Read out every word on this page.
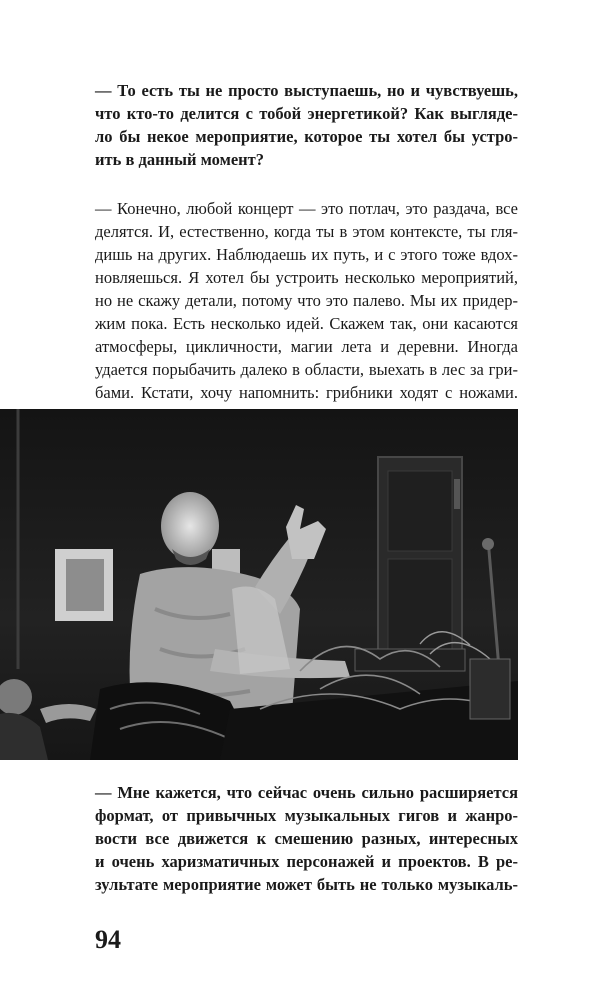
— То есть ты не просто выступаешь, но и чувствуешь,
что кто-то делится с тобой энергетикой? Как выгляде-
ло бы некое мероприятие, которое ты хотел бы устро-
ить в данный момент?
— Конечно, любой концерт — это потлач, это раздача, все
делятся. И, естественно, когда ты в этом контексте, ты гля-
дишь на других. Наблюдаешь их путь, и с этого тоже вдох-
новляешься. Я хотел бы устроить несколько мероприятий,
но не скажу детали, потому что это палево. Мы их придер-
жим пока. Есть несколько идей. Скажем так, они касаются
атмосферы, цикличности, магии лета и деревни. Иногда
удается порыбачить далеко в области, выехать в лес за гри-
бами. Кстати, хочу напомнить: грибники ходят с ножами.
— Мне кажется, что сейчас очень сильно расширяется
формат, от привычных музыкальных гигов и жанро-
вости все движется к смешению разных, интересных
и очень харизматичных персонажей и проектов. В ре-
зультате мероприятие может быть не только музыкаль-
94
